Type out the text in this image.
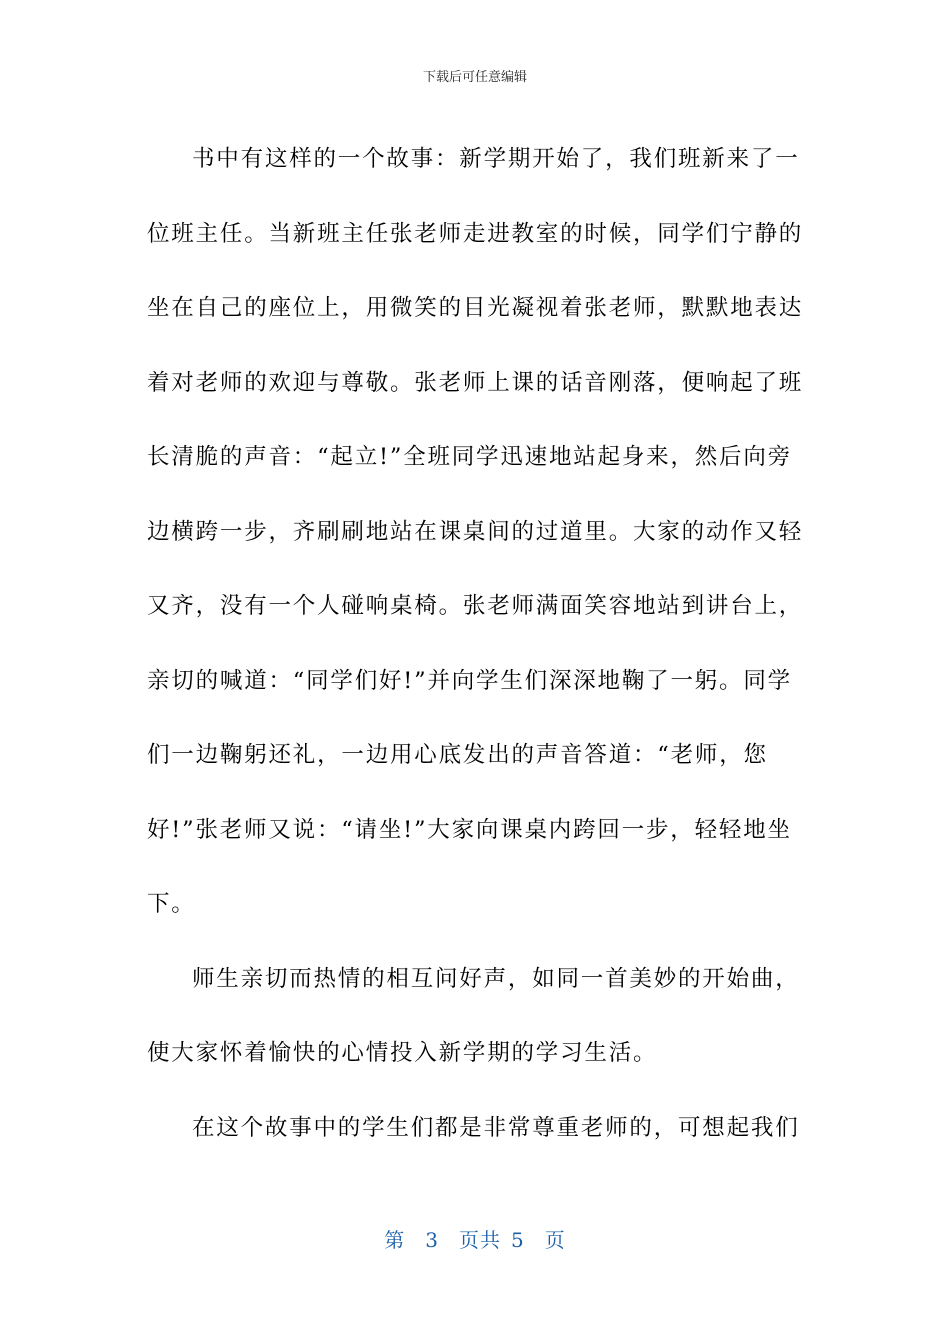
下载后可任意编辑

书中有这样的一个故事：新学期开始了，我们班新来了一位班主任。当新班主任张老师走进教室的时候，同学们宁静的坐在自己的座位上，用微笑的目光凝视着张老师，默默地表达着对老师的欢迎与尊敬。张老师上课的话音刚落，便响起了班长清脆的声音：“起立!”全班同学迅速地站起身来，然后向旁边横跨一步，齐刷刷地站在课桌间的过道里。大家的动作又轻又齐，没有一个人碰响桌椅。张老师满面笑容地站到讲台上，亲切的喊道：“同学们好!”并向学生们深深地鞠了一躬。同学们一边鞠躬还礼，一边用心底发出的声音答道：“老师，您好!”张老师又说：“请坐!”大家向课桌内跨回一步，轻轻地坐下。

师生亲切而热情的相互问好声，如同一首美妙的开始曲，使大家怀着愉快的心情投入新学期的学习生活。

在这个故事中的学生们都是非常尊重老师的，可想起我们

第 3 页共 5 页
